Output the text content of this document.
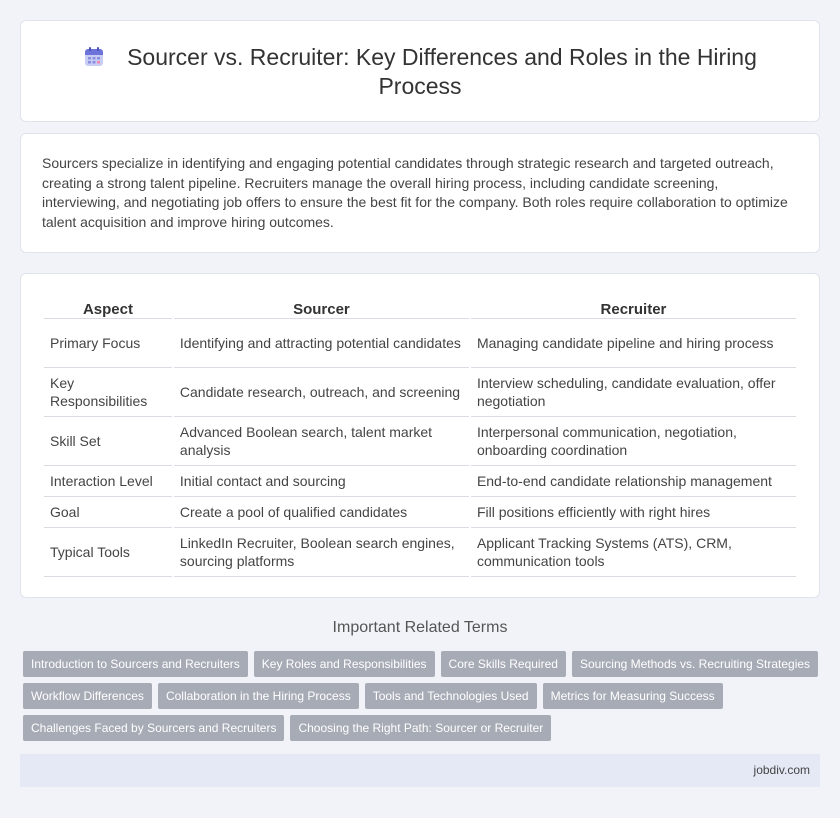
Sourcer vs. Recruiter: Key Differences and Roles in the Hiring Process

Sourcers specialize in identifying and engaging potential candidates through strategic research and targeted outreach, creating a strong talent pipeline. Recruiters manage the overall hiring process, including candidate screening, interviewing, and negotiating job offers to ensure the best fit for the company. Both roles require collaboration to optimize talent acquisition and improve hiring outcomes.

Aspect	Sourcer	Recruiter
Primary Focus	Identifying and attracting potential candidates	Managing candidate pipeline and hiring process
Key Responsibilities	Candidate research, outreach, and screening	Interview scheduling, candidate evaluation, offer negotiation
Skill Set	Advanced Boolean search, talent market analysis	Interpersonal communication, negotiation, onboarding coordination
Interaction Level	Initial contact and sourcing	End-to-end candidate relationship management
Goal	Create a pool of qualified candidates	Fill positions efficiently with right hires
Typical Tools	LinkedIn Recruiter, Boolean search engines, sourcing platforms	Applicant Tracking Systems (ATS), CRM, communication tools
Important Related Terms
Introduction to Sourcers and Recruiters Key Roles and Responsibilities Core Skills Required Sourcing Methods vs. Recruiting Strategies
Workflow Differences Collaboration in the Hiring Process Tools and Technologies Used Metrics for Measuring Success
Challenges Faced by Sourcers and Recruiters Choosing the Right Path: Sourcer or Recruiter
jobdiv.com
